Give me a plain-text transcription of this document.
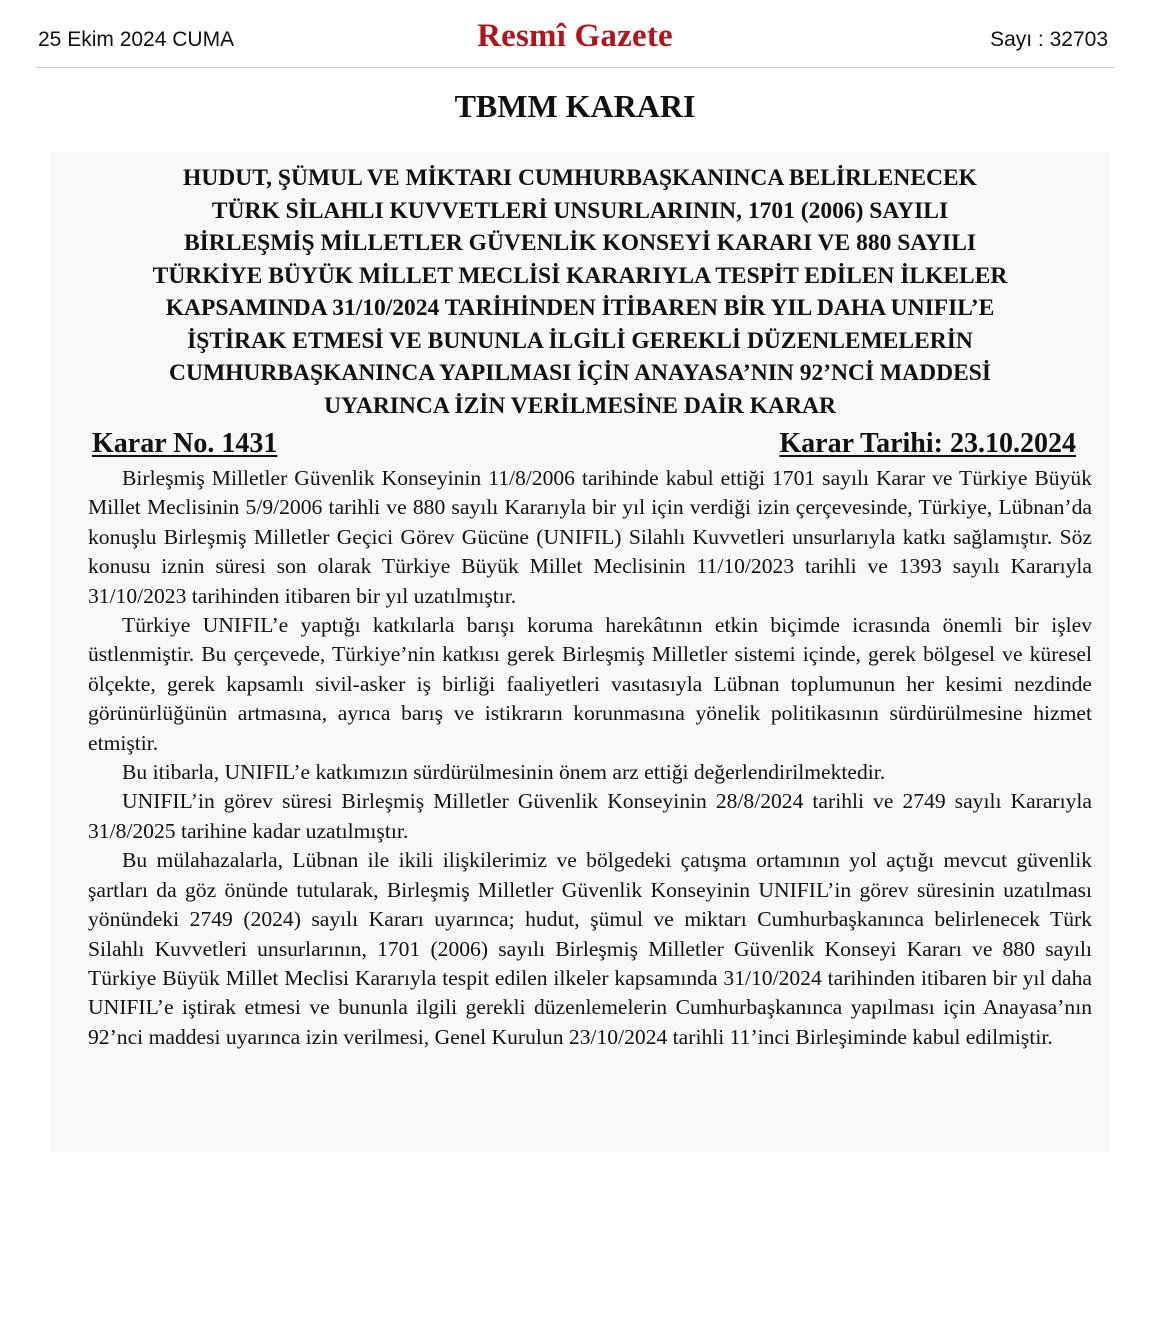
25 Ekim 2024 CUMA	Resmî Gazete	Sayı : 32703
TBMM KARARI
HUDUT, ŞÜMUL VE MİKTARI CUMHURBAŞKANINCA BELİRLENECEK
TÜRK SİLAHLI KUVVETLERİ UNSURLARININ, 1701 (2006) SAYILI
BİRLEŞMİŞ MİLLETLER GÜVENLİK KONSEYİ KARARI VE 880 SAYILI
TÜRKİYE BÜYÜK MİLLET MECLİSİ KARARIYLA TESPİT EDİLEN İLKELER
KAPSAMINDA 31/10/2024 TARİHİNDEN İTİBAREN BİR YIL DAHA UNIFIL’E
İŞTİRAK ETMESİ VE BUNUNLA İLGİLİ GEREKLİ DÜZENLEMELERİN
CUMHURBAŞKANINCA YAPILMASI İÇİN ANAYASA’NIN 92’NCİ MADDESİ
UYARINCA İZİN VERİLMESİNE DAİR KARAR
Karar No. 1431	Karar Tarihi: 23.10.2024

Birleşmiş Milletler Güvenlik Konseyinin 11/8/2006 tarihinde kabul ettiği 1701 sayılı Karar ve Türkiye Büyük Millet Meclisinin 5/9/2006 tarihli ve 880 sayılı Kararıyla bir yıl için verdiği izin çerçevesinde, Türkiye, Lübnan’da konuşlu Birleşmiş Milletler Geçici Görev Gücüne (UNIFIL) Silahlı Kuvvetleri unsurlarıyla katkı sağlamıştır. Söz konusu iznin süresi son olarak Türkiye Büyük Millet Meclisinin 11/10/2023 tarihli ve 1393 sayılı Kararıyla 31/10/2023 tarihinden itibaren bir yıl uzatılmıştır.

Türkiye UNIFIL’e yaptığı katkılarla barışı koruma harekâtının etkin biçimde icrasında önemli bir işlev üstlenmiştir. Bu çerçevede, Türkiye’nin katkısı gerek Birleşmiş Milletler sistemi içinde, gerek bölgesel ve küresel ölçekte, gerek kapsamlı sivil-asker iş birliği faaliyetleri vasıtasıyla Lübnan toplumunun her kesimi nezdinde görünürlüğünün artmasına, ayrıca barış ve istikrarın korunmasına yönelik politikasının sürdürülmesine hizmet etmiştir.

Bu itibarla, UNIFIL’e katkımızın sürdürülmesinin önem arz ettiği değerlendirilmektedir.

UNIFIL’in görev süresi Birleşmiş Milletler Güvenlik Konseyinin 28/8/2024 tarihli ve 2749 sayılı Kararıyla 31/8/2025 tarihine kadar uzatılmıştır.

Bu mülahazalarla, Lübnan ile ikili ilişkilerimiz ve bölgedeki çatışma ortamının yol açtığı mevcut güvenlik şartları da göz önünde tutularak, Birleşmiş Milletler Güvenlik Konseyinin UNIFIL’in görev süresinin uzatılması yönündeki 2749 (2024) sayılı Kararı uyarınca; hudut, şümul ve miktarı Cumhurbaşkanınca belirlenecek Türk Silahlı Kuvvetleri unsurlarının, 1701 (2006) sayılı Birleşmiş Milletler Güvenlik Konseyi Kararı ve 880 sayılı Türkiye Büyük Millet Meclisi Kararıyla tespit edilen ilkeler kapsamında 31/10/2024 tarihinden itibaren bir yıl daha UNIFIL’e iştirak etmesi ve bununla ilgili gerekli düzenlemelerin Cumhurbaşkanınca yapılması için Anayasa’nın 92’nci maddesi uyarınca izin verilmesi, Genel Kurulun 23/10/2024 tarihli 11’inci Birleşiminde kabul edilmiştir.
